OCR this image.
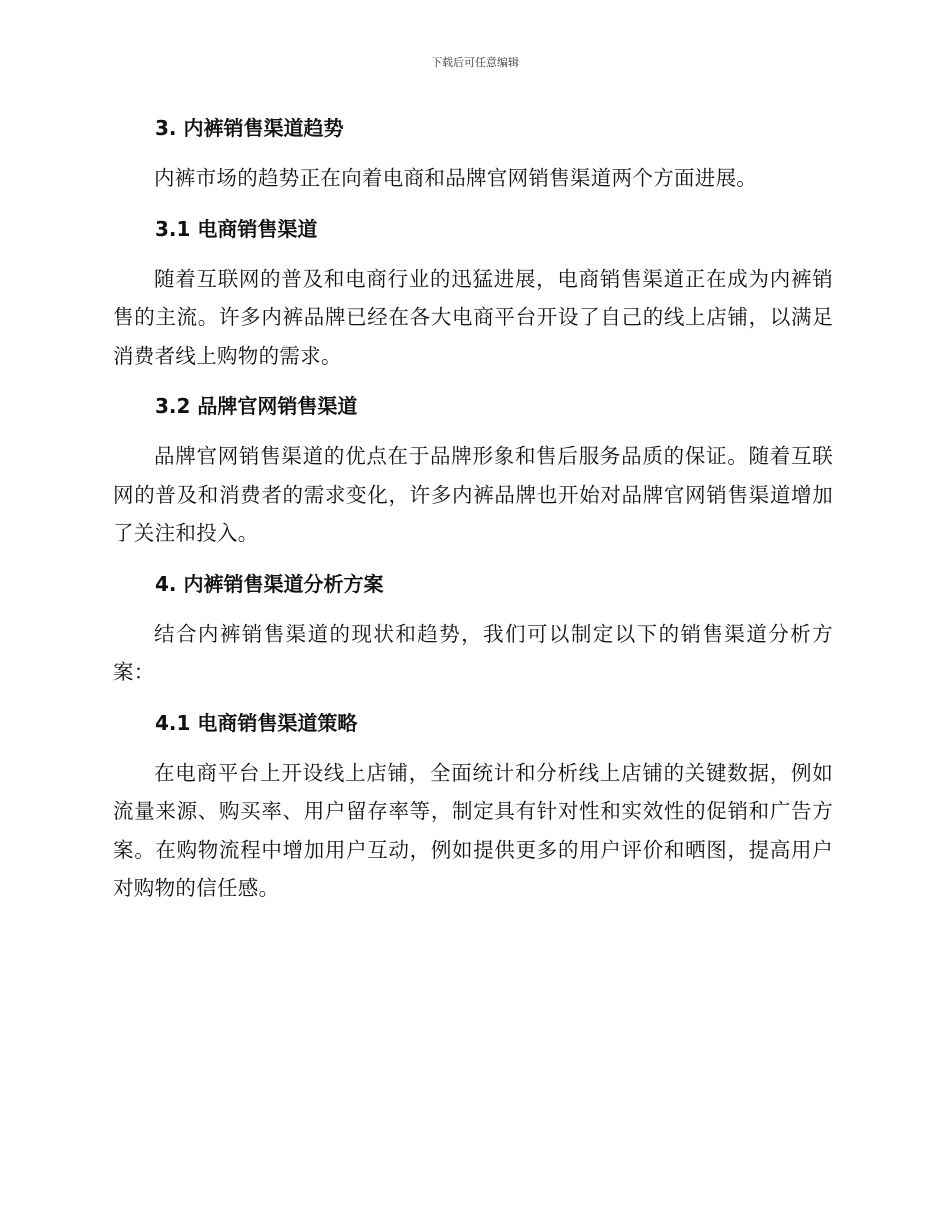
下载后可任意编辑
3. 内裤销售渠道趋势

内裤市场的趋势正在向着电商和品牌官网销售渠道两个方面进展。

3.1 电商销售渠道

随着互联网的普及和电商行业的迅猛进展，电商销售渠道正在成为内裤销售的主流。许多内裤品牌已经在各大电商平台开设了自己的线上店铺，以满足消费者线上购物的需求。

3.2 品牌官网销售渠道

品牌官网销售渠道的优点在于品牌形象和售后服务品质的保证。随着互联网的普及和消费者的需求变化，许多内裤品牌也开始对品牌官网销售渠道增加了关注和投入。

4. 内裤销售渠道分析方案

结合内裤销售渠道的现状和趋势，我们可以制定以下的销售渠道分析方案：

4.1 电商销售渠道策略

在电商平台上开设线上店铺，全面统计和分析线上店铺的关键数据，例如流量来源、购买率、用户留存率等，制定具有针对性和实效性的促销和广告方案。在购物流程中增加用户互动，例如提供更多的用户评价和晒图，提高用户对购物的信任感。
